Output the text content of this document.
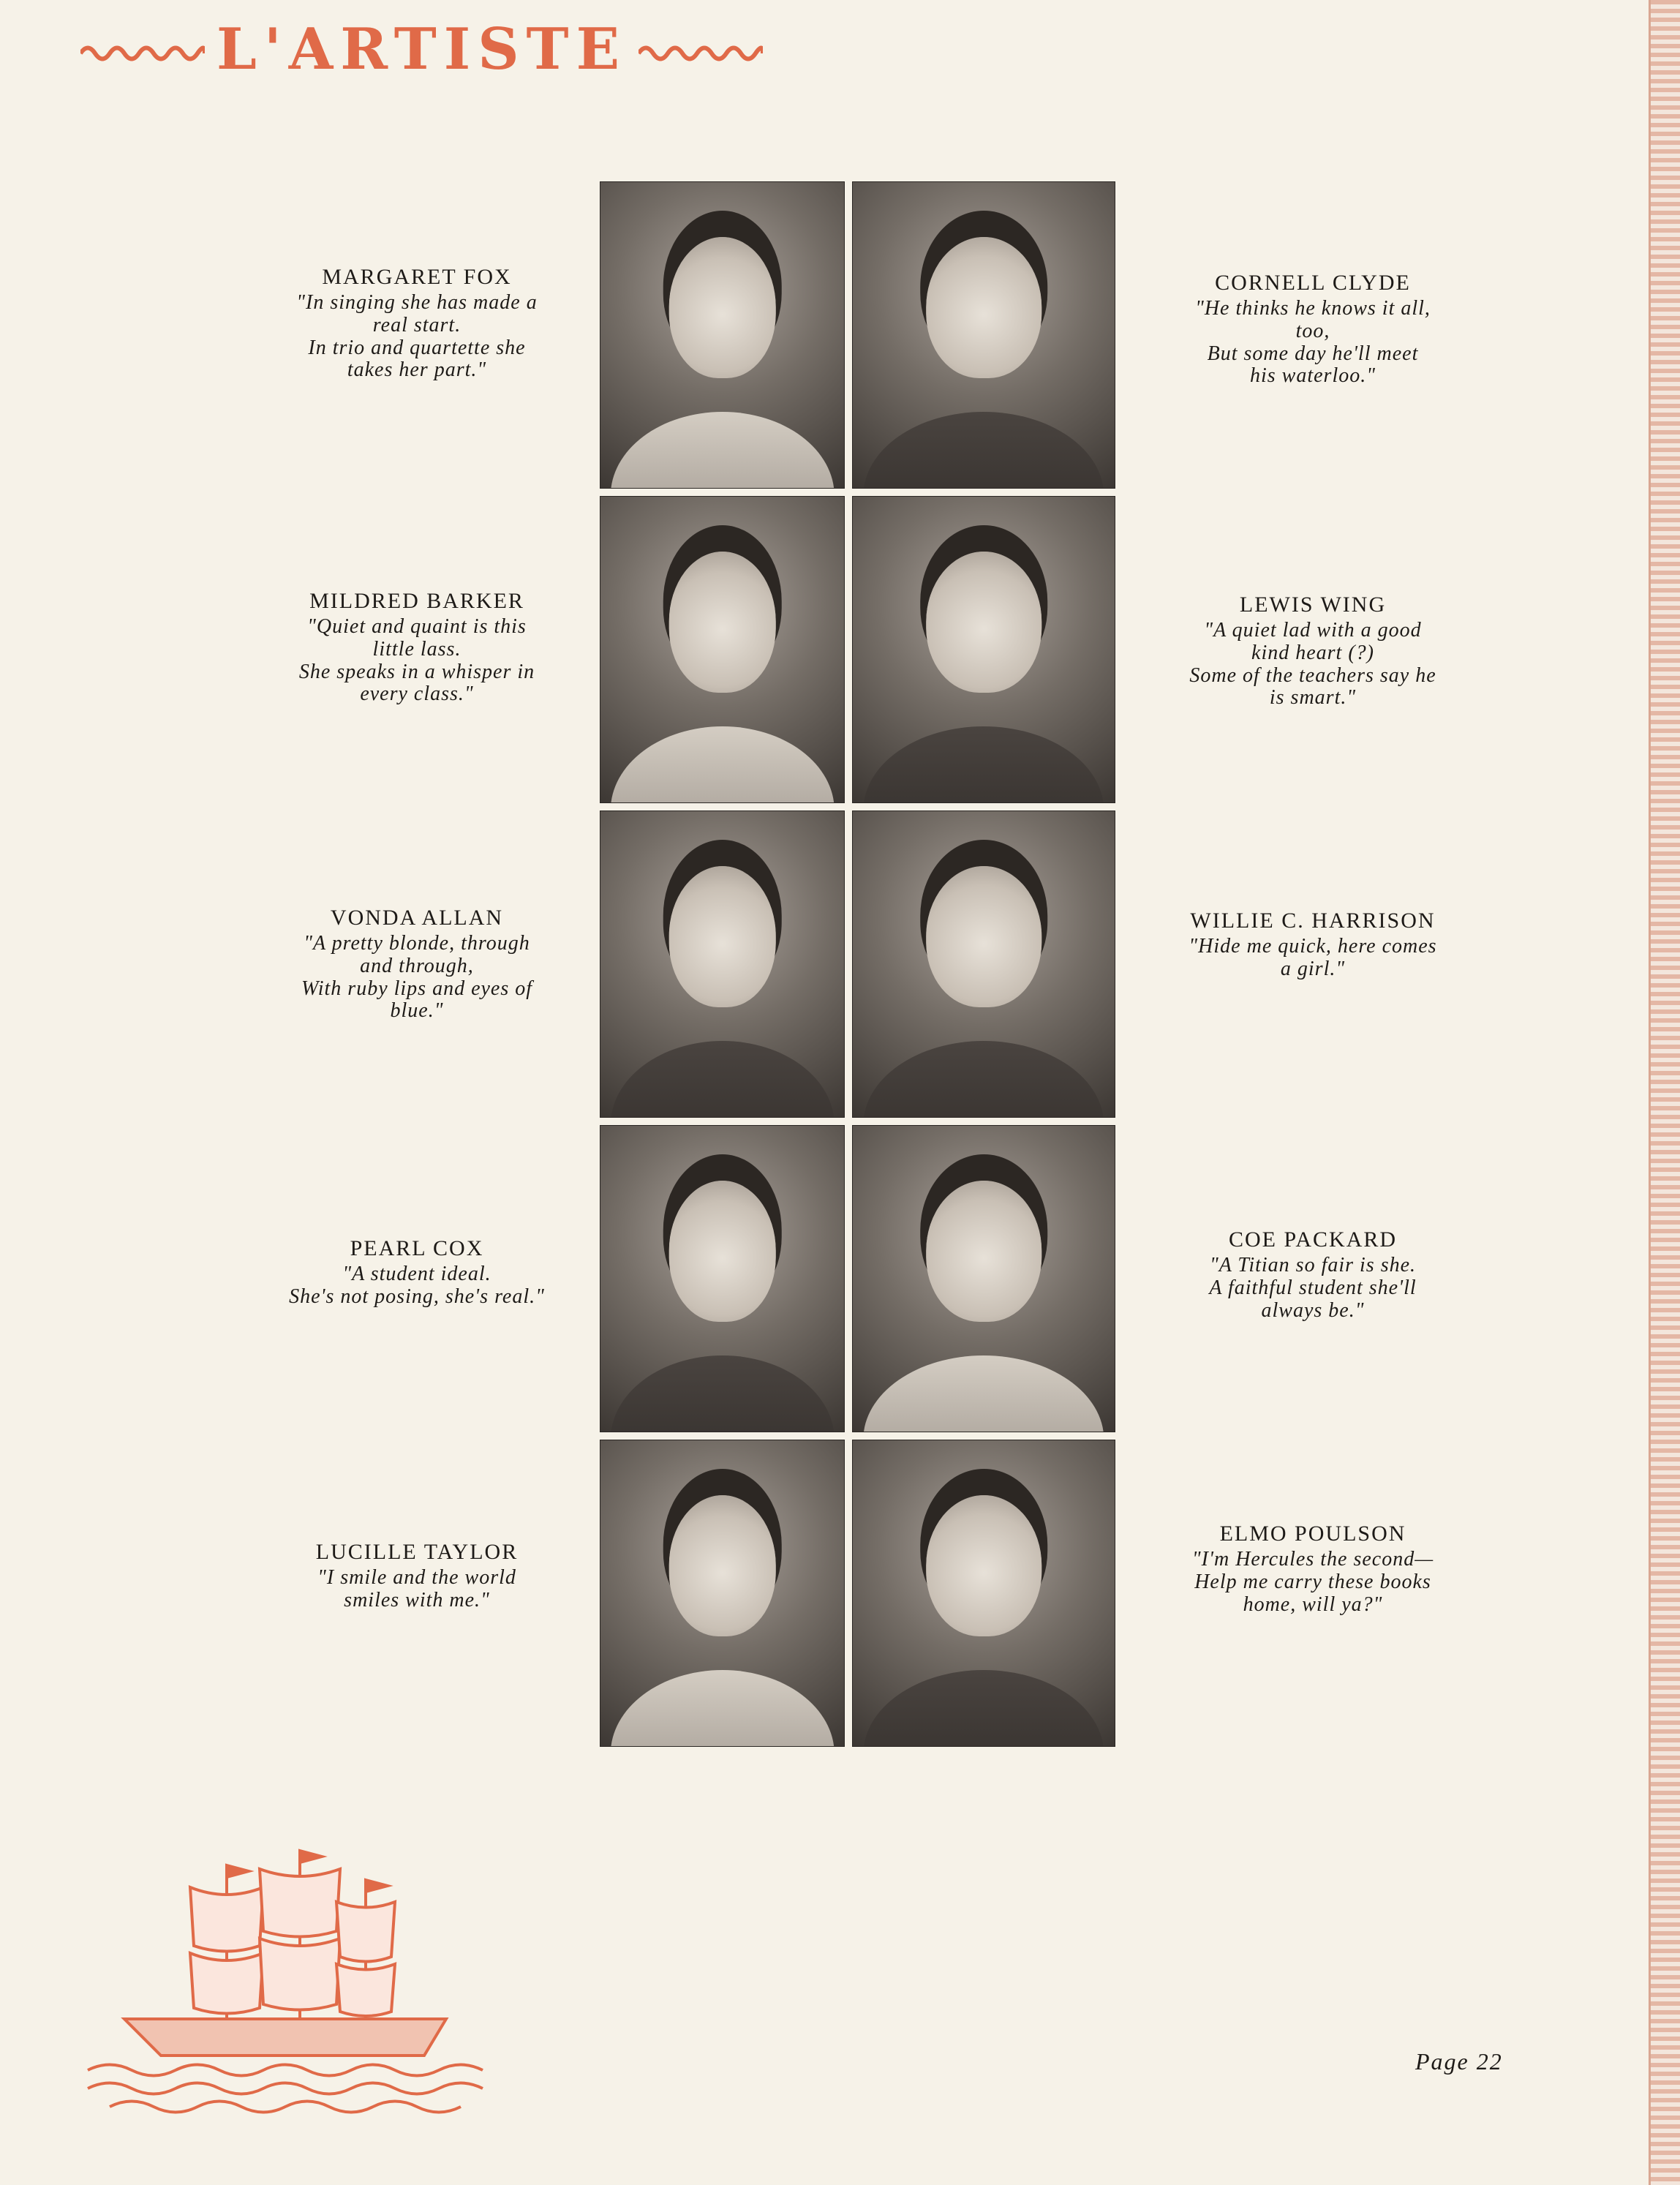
L'ARTISTE
MARGARET FOX
"In singing she has made a
real start.
In trio and quartette she
takes her part."
CORNELL CLYDE
"He thinks he knows it all,
too,
But some day he'll meet
his waterloo."
MILDRED BARKER
"Quiet and quaint is this
little lass.
She speaks in a whisper in
every class."
LEWIS WING
"A quiet lad with a good
kind heart (?)
Some of the teachers say he
is smart."
VONDA ALLAN
"A pretty blonde, through
and through,
With ruby lips and eyes of
blue."
WILLIE C. HARRISON
"Hide me quick, here comes
a girl."
PEARL COX
"A student ideal.
She's not posing, she's real."
COE PACKARD
"A Titian so fair is she.
A faithful student she'll
always be."
LUCILLE TAYLOR
"I smile and the world
smiles with me."
ELMO POULSON
"I'm Hercules the second—
Help me carry these books
home, will ya?"
Page 22
